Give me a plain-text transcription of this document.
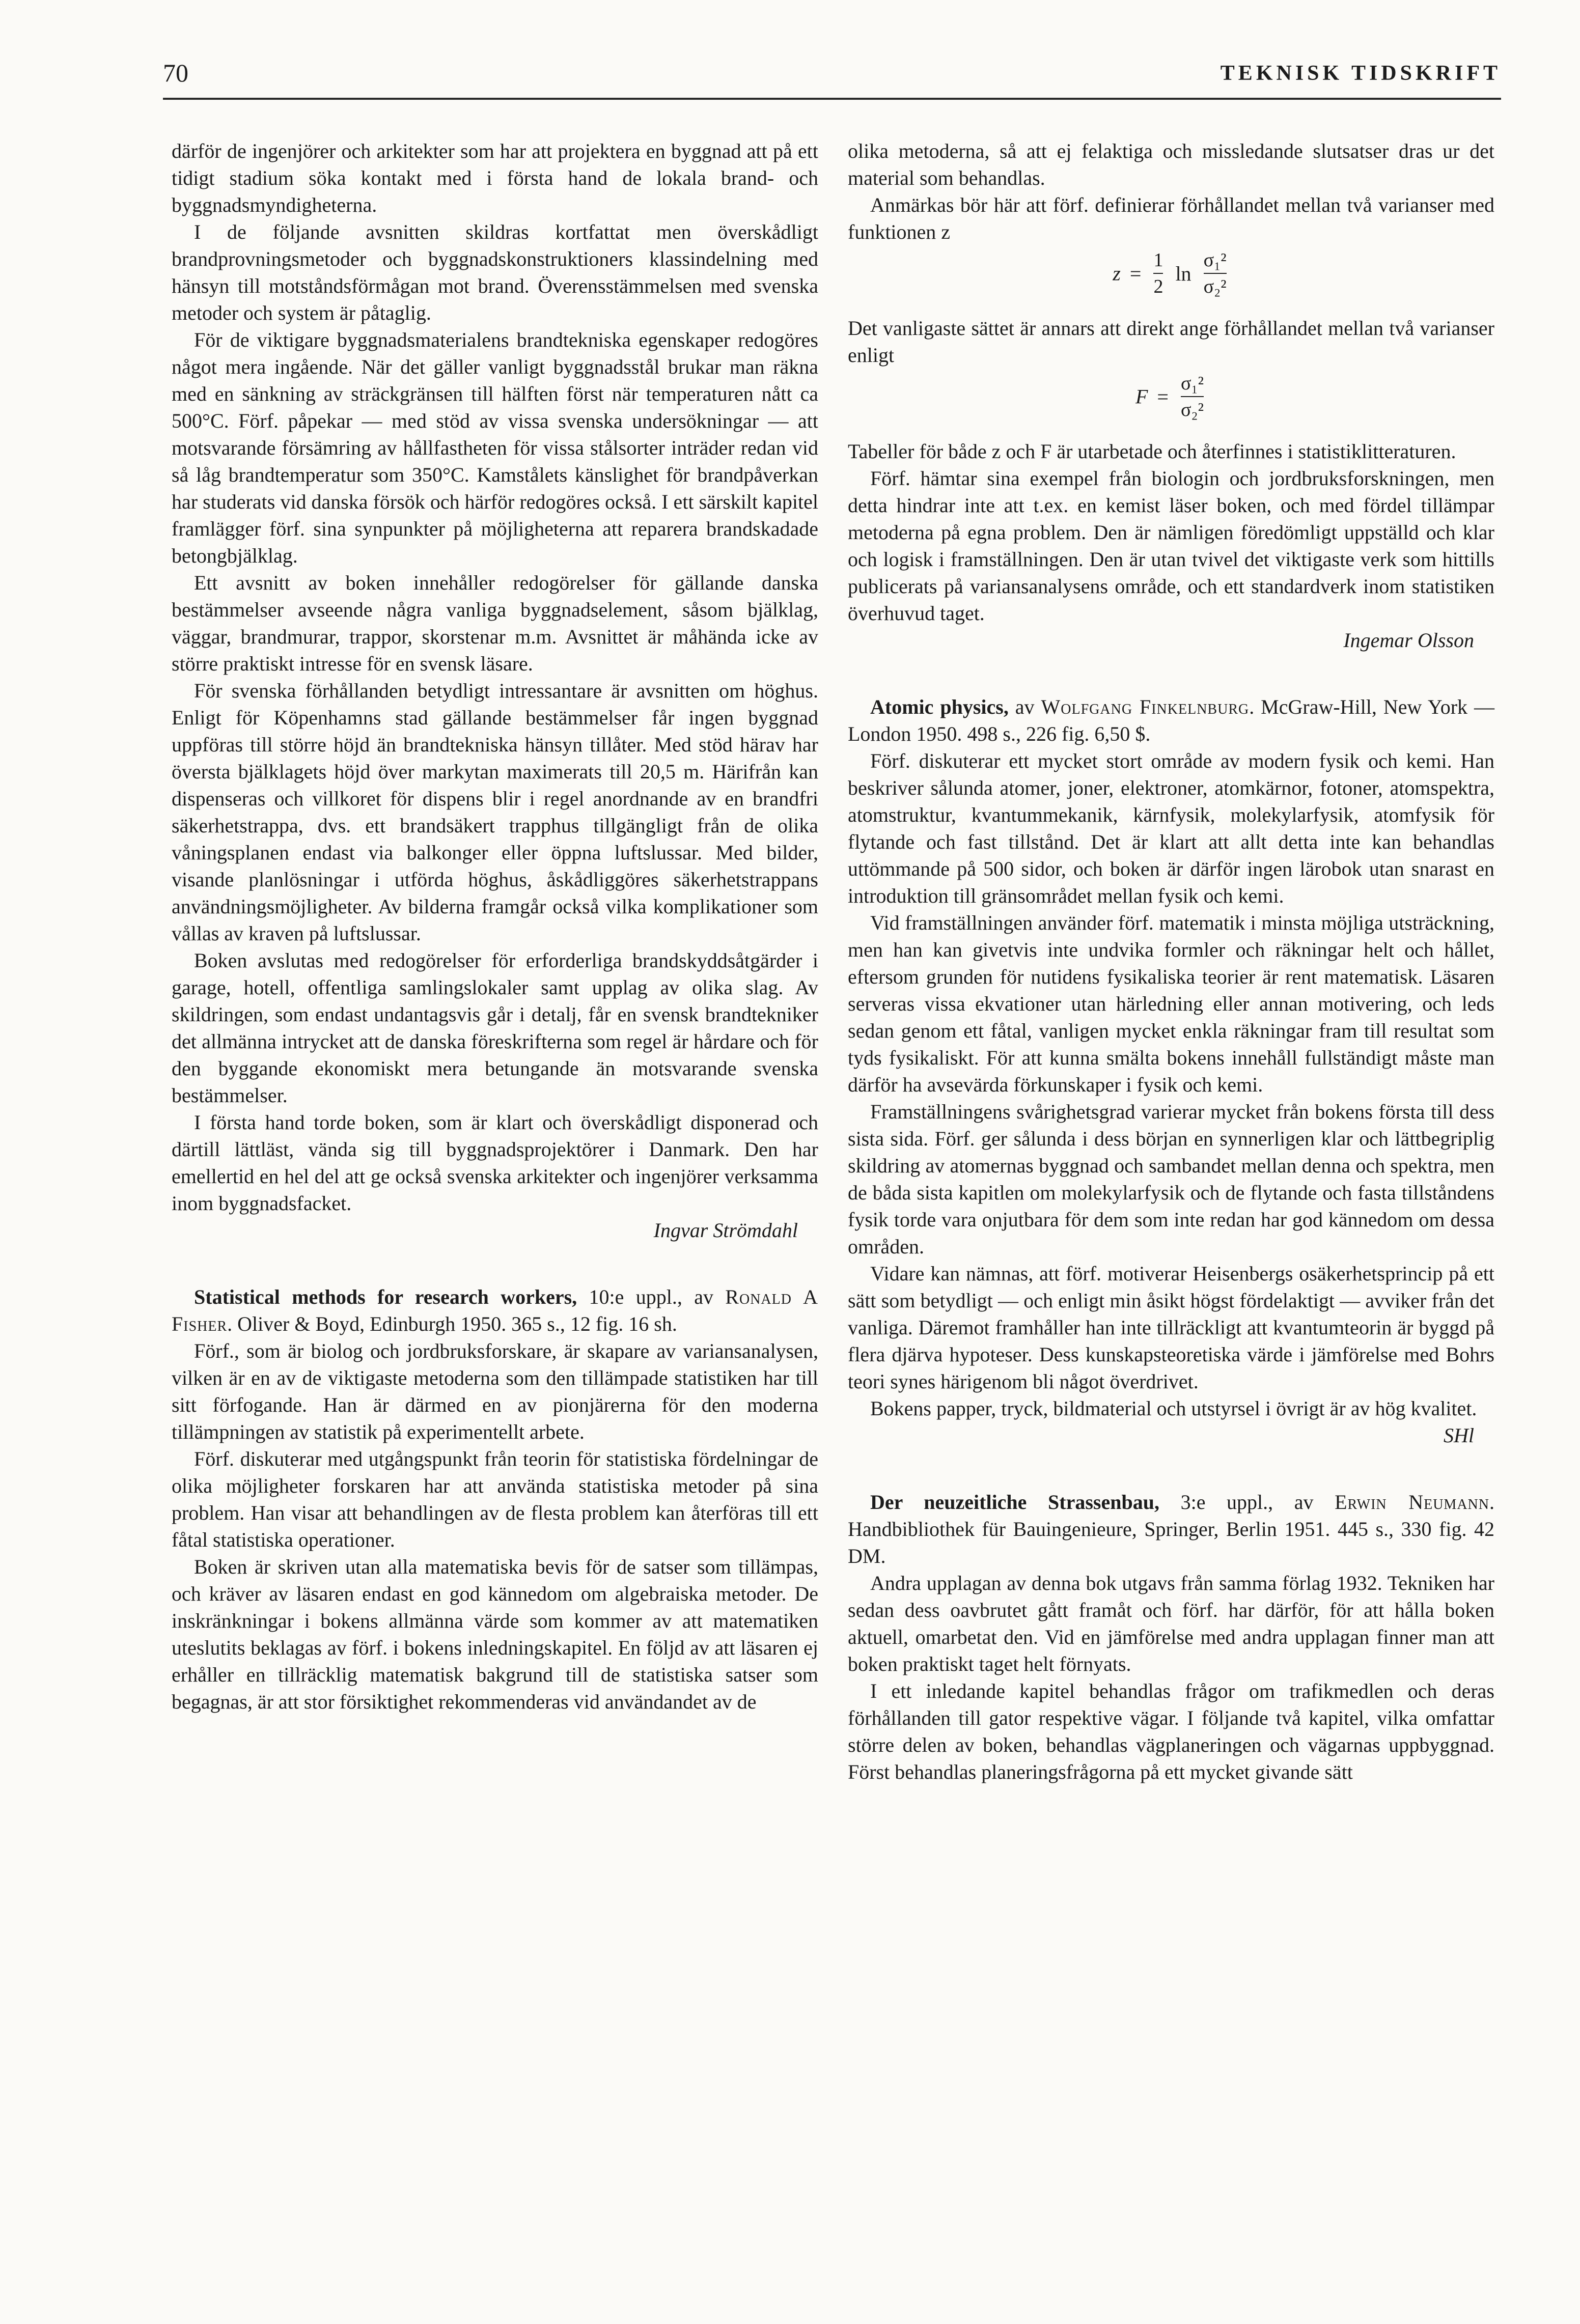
70	TEKNISK TIDSKRIFT

därför de ingenjörer och arkitekter som har att projektera en byggnad att på ett tidigt stadium söka kontakt med i första hand de lokala brand- och byggnadsmyndigheterna.

I de följande avsnitten skildras kortfattat men överskådligt brandprovningsmetoder och byggnadskonstruktioners klassindelning med hänsyn till motståndsförmågan mot brand. Överensstämmelsen med svenska metoder och system är påtaglig.

För de viktigare byggnadsmaterialens brandtekniska egenskaper redogöres något mera ingående. När det gäller vanligt byggnadsstål brukar man räkna med en sänkning av sträckgränsen till hälften först när temperaturen nått ca 500°C. Förf. påpekar — med stöd av vissa svenska undersökningar — att motsvarande försämring av hållfastheten för vissa stålsorter inträder redan vid så låg brandtemperatur som 350°C. Kamstålets känslighet för brandpåverkan har studerats vid danska försök och härför redogöres också. I ett särskilt kapitel framlägger förf. sina synpunkter på möjligheterna att reparera brandskadade betongbjälklag.

Ett avsnitt av boken innehåller redogörelser för gällande danska bestämmelser avseende några vanliga byggnadselement, såsom bjälklag, väggar, brandmurar, trappor, skorstenar m.m. Avsnittet är måhända icke av större praktiskt intresse för en svensk läsare.

För svenska förhållanden betydligt intressantare är avsnitten om höghus. Enligt för Köpenhamns stad gällande bestämmelser får ingen byggnad uppföras till större höjd än brandtekniska hänsyn tillåter. Med stöd härav har översta bjälklagets höjd över markytan maximerats till 20,5 m. Härifrån kan dispenseras och villkoret för dispens blir i regel anordnande av en brandfri säkerhetstrappa, dvs. ett brandsäkert trapphus tillgängligt från de olika våningsplanen endast via balkonger eller öppna luftslussar. Med bilder, visande planlösningar i utförda höghus, åskådliggöres säkerhetstrappans användningsmöjligheter. Av bilderna framgår också vilka komplikationer som vållas av kraven på luftslussar.

Boken avslutas med redogörelser för erforderliga brandskyddsåtgärder i garage, hotell, offentliga samlingslokaler samt upplag av olika slag. Av skildringen, som endast undantagsvis går i detalj, får en svensk brandtekniker det allmänna intrycket att de danska föreskrifterna som regel är hårdare och för den byggande ekonomiskt mera betungande än motsvarande svenska bestämmelser.

I första hand torde boken, som är klart och överskådligt disponerad och därtill lättläst, vända sig till byggnadsprojektörer i Danmark. Den har emellertid en hel del att ge också svenska arkitekter och ingenjörer verksamma inom byggnadsfacket.

Ingvar Strömdahl

Statistical methods for research workers, 10:e uppl., av Ronald A Fisher. Oliver & Boyd, Edinburgh 1950. 365 s., 12 fig. 16 sh.

Förf., som är biolog och jordbruksforskare, är skapare av variansanalysen, vilken är en av de viktigaste metoderna som den tillämpade statistiken har till sitt förfogande. Han är därmed en av pionjärerna för den moderna tillämpningen av statistik på experimentellt arbete.

Förf. diskuterar med utgångspunkt från teorin för statistiska fördelningar de olika möjligheter forskaren har att använda statistiska metoder på sina problem. Han visar att behandlingen av de flesta problem kan återföras till ett fåtal statistiska operationer.

Boken är skriven utan alla matematiska bevis för de satser som tillämpas, och kräver av läsaren endast en god kännedom om algebraiska metoder. De inskränkningar i bokens allmänna värde som kommer av att matematiken uteslutits beklagas av förf. i bokens inledningskapitel. En följd av att läsaren ej erhåller en tillräcklig matematisk bakgrund till de statistiska satser som begagnas, är att stor försiktighet rekommenderas vid användandet av de

olika metoderna, så att ej felaktiga och missledande slutsatser dras ur det material som behandlas.

Anmärkas bör här att förf. definierar förhållandet mellan två varianser med funktionen z

$z = \frac{1}{2}$ $\ln \frac{\text{σ₁²}}{\text{σ₂²}}$

Det vanligaste sättet är annars att direkt ange förhållandet mellan två varianser enligt

$F = \frac{\text{σ₁²}}{\text{σ₂²}}$

Tabeller för både z och F är utarbetade och återfinnes i statistiklitteraturen.

Förf. hämtar sina exempel från biologin och jordbruksforskningen, men detta hindrar inte att t.ex. en kemist läser boken, och med fördel tillämpar metoderna på egna problem. Den är nämligen föredömligt uppställd och klar och logisk i framställningen. Den är utan tvivel det viktigaste verk som hittills publicerats på variansanalysens område, och ett standardverk inom statistiken överhuvud taget.

Ingemar Olsson

Atomic physics, av Wolfgang Finkelnburg. McGraw-Hill, New York — London 1950. 498 s., 226 fig. 6,50 $.

Förf. diskuterar ett mycket stort område av modern fysik och kemi. Han beskriver sålunda atomer, joner, elektroner, atomkärnor, fotoner, atomspektra, atomstruktur, kvantummekanik, kärnfysik, molekylarfysik, atomfysik för flytande och fast tillstånd. Det är klart att allt detta inte kan behandlas uttömmande på 500 sidor, och boken är därför ingen lärobok utan snarast en introduktion till gränsområdet mellan fysik och kemi.

Vid framställningen använder förf. matematik i minsta möjliga utsträckning, men han kan givetvis inte undvika formler och räkningar helt och hållet, eftersom grunden för nutidens fysikaliska teorier är rent matematisk. Läsaren serveras vissa ekvationer utan härledning eller annan motivering, och leds sedan genom ett fåtal, vanligen mycket enkla räkningar fram till resultat som tyds fysikaliskt. För att kunna smälta bokens innehåll fullständigt måste man därför ha avsevärda förkunskaper i fysik och kemi.

Framställningens svårighetsgrad varierar mycket från bokens första till dess sista sida. Förf. ger sålunda i dess början en synnerligen klar och lättbegriplig skildring av atomernas byggnad och sambandet mellan denna och spektra, men de båda sista kapitlen om molekylarfysik och de flytande och fasta tillståndens fysik torde vara onjutbara för dem som inte redan har god kännedom om dessa områden.

Vidare kan nämnas, att förf. motiverar Heisenbergs osäkerhetsprincip på ett sätt som betydligt — och enligt min åsikt högst fördelaktigt — avviker från det vanliga. Däremot framhåller han inte tillräckligt att kvantumteorin är byggd på flera djärva hypoteser. Dess kunskapsteoretiska värde i jämförelse med Bohrs teori synes härigenom bli något överdrivet.

Bokens papper, tryck, bildmaterial och utstyrsel i övrigt är av hög kvalitet.

SHl

Der neuzeitliche Strassenbau, 3:e uppl., av Erwin Neumann. Handbibliothek für Bauingenieure, Springer, Berlin 1951. 445 s., 330 fig. 42 DM.

Andra upplagan av denna bok utgavs från samma förlag 1932. Tekniken har sedan dess oavbrutet gått framåt och förf. har därför, för att hålla boken aktuell, omarbetat den. Vid en jämförelse med andra upplagan finner man att boken praktiskt taget helt förnyats.

I ett inledande kapitel behandlas frågor om trafikmedlen och deras förhållanden till gator respektive vägar. I följande två kapitel, vilka omfattar större delen av boken, behandlas vägplaneringen och vägarnas uppbyggnad. Först behandlas planeringsfrågorna på ett mycket givande sätt
